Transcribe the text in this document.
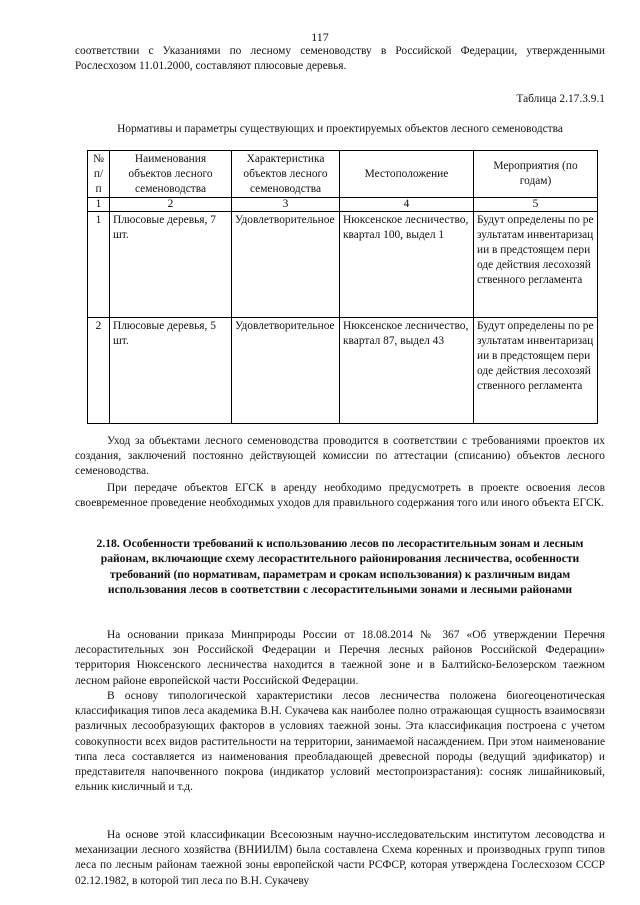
117

соответствии с Указаниями по лесному семеноводству в Российской Федерации, утвержденными Рослесхозом 11.01.2000, составляют плюсовые деревья.

Таблица 2.17.3.9.1
Нормативы и параметры существующих и проектируемых объектов лесного семеноводства
№ п/п	Наименования объектов лесного семеноводства	Характеристика объектов лесного семеноводства	Местоположение	Мероприятия (по годам)
1	2	3	4	5
1	Плюсовые деревья, 7 шт.	Удовлетворительное	Нюксенское лесничество, квартал 100, выдел 1	Будут определены по результатам инвентаризации в предстоящем периоде действия лесохозяйственного регламента
2	Плюсовые деревья, 5 шт.	Удовлетворительное	Нюксенское лесничество, квартал 87, выдел 43	Будут определены по результатам инвентаризации в предстоящем периоде действия лесохозяйственного регламента
Уход за объектами лесного семеноводства проводится в соответствии с требованиями проектов их создания, заключений постоянно действующей комиссии по аттестации (списанию) объектов лесного семеноводства.
При передаче объектов ЕГСК в аренду необходимо предусмотреть в проекте освоения лесов своевременное проведение необходимых уходов для правильного содержания того или иного объекта ЕГСК.
2.18. Особенности требований к использованию лесов по лесорастительным зонам и лесным районам, включающие схему лесорастительного районирования лесничества, особенности требований (по нормативам, параметрам и срокам использования) к различным видам использования лесов в соответствии с лесорастительными зонами и лесными районами
На основании приказа Минприроды России от 18.08.2014 № 367 «Об утверждении Перечня лесорастительных зон Российской Федерации и Перечня лесных районов Российской Федерации» территория Нюксенского лесничества находится в таежной зоне и в Балтийско-Белозерском таежном лесном районе европейской части Российской Федерации.
В основу типологической характеристики лесов лесничества положена биогеоценотическая классификация типов леса академика В.Н. Сукачева как наиболее полно отражающая сущность взаимосвязи различных лесообразующих факторов в условиях таежной зоны. Эта классификация построена с учетом совокупности всех видов растительности на территории, занимаемой насаждением. При этом наименование типа леса составляется из наименования преобладающей древесной породы (ведущий эдификатор) и представителя напочвенного покрова (индикатор условий местопроизрастания): сосняк лишайниковый, ельник кисличный и т.д.
На основе этой классификации Всесоюзным научно-исследовательским институтом лесоводства и механизации лесного хозяйства (ВНИИЛМ) была составлена Схема коренных и производных групп типов леса по лесным районам таежной зоны европейской части РСФСР, которая утверждена Гослесхозом СССР 02.12.1982, в которой тип леса по В.Н. Сукачеву
